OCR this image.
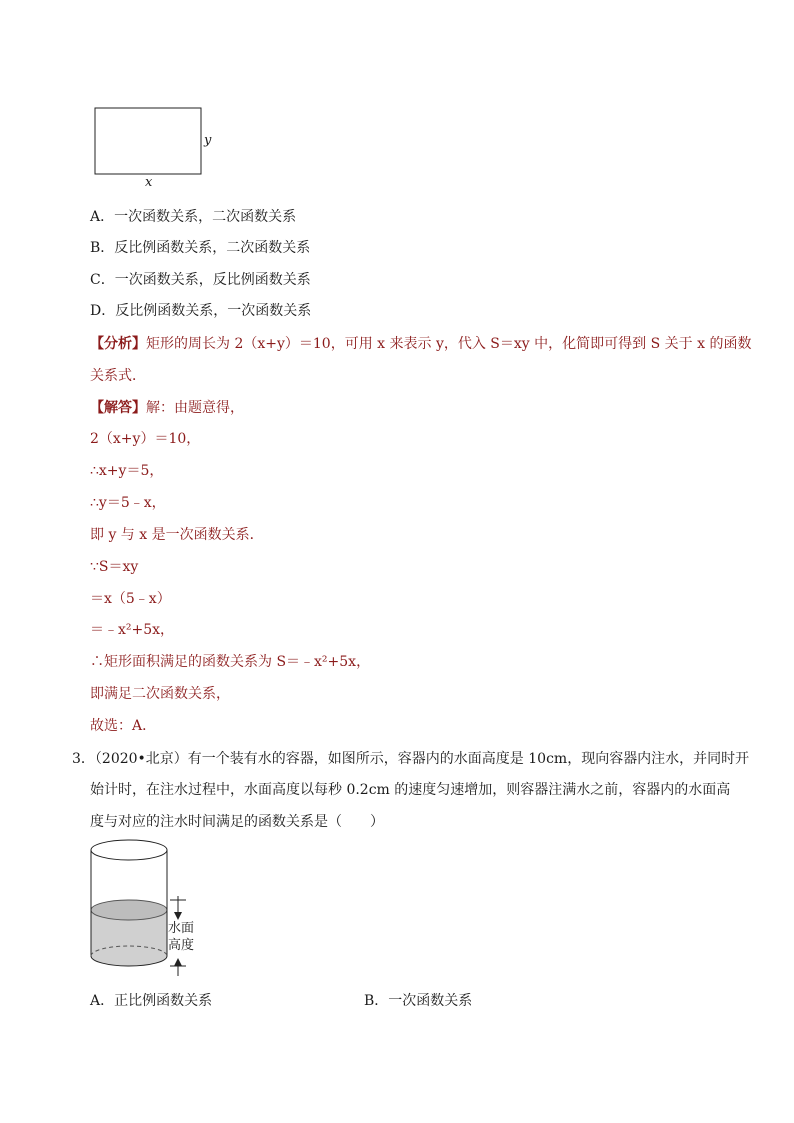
y
x
A．一次函数关系，二次函数关系
B．反比例函数关系，二次函数关系
C．一次函数关系，反比例函数关系
D．反比例函数关系，一次函数关系
【分析】矩形的周长为 2（x+y）＝10，可用 x 来表示 y，代入 S＝xy 中，化简即可得到 S 关于 x 的函数
关系式．
【解答】解：由题意得，
2（x+y）＝10，
∴x+y＝5，
∴y＝5﹣x，
即 y 与 x 是一次函数关系．
∵S＝xy
＝x（5﹣x）
＝﹣x²+5x，
∴矩形面积满足的函数关系为 S＝﹣x²+5x，
即满足二次函数关系，
故选：A．
3．（2020•北京）有一个装有水的容器，如图所示，容器内的水面高度是 10cm，现向容器内注水，并同时开
始计时，在注水过程中，水面高度以每秒 0.2cm 的速度匀速增加，则容器注满水之前，容器内的水面高
度与对应的注水时间满足的函数关系是（　　）
水面
高度
A．正比例函数关系	B．一次函数关系
